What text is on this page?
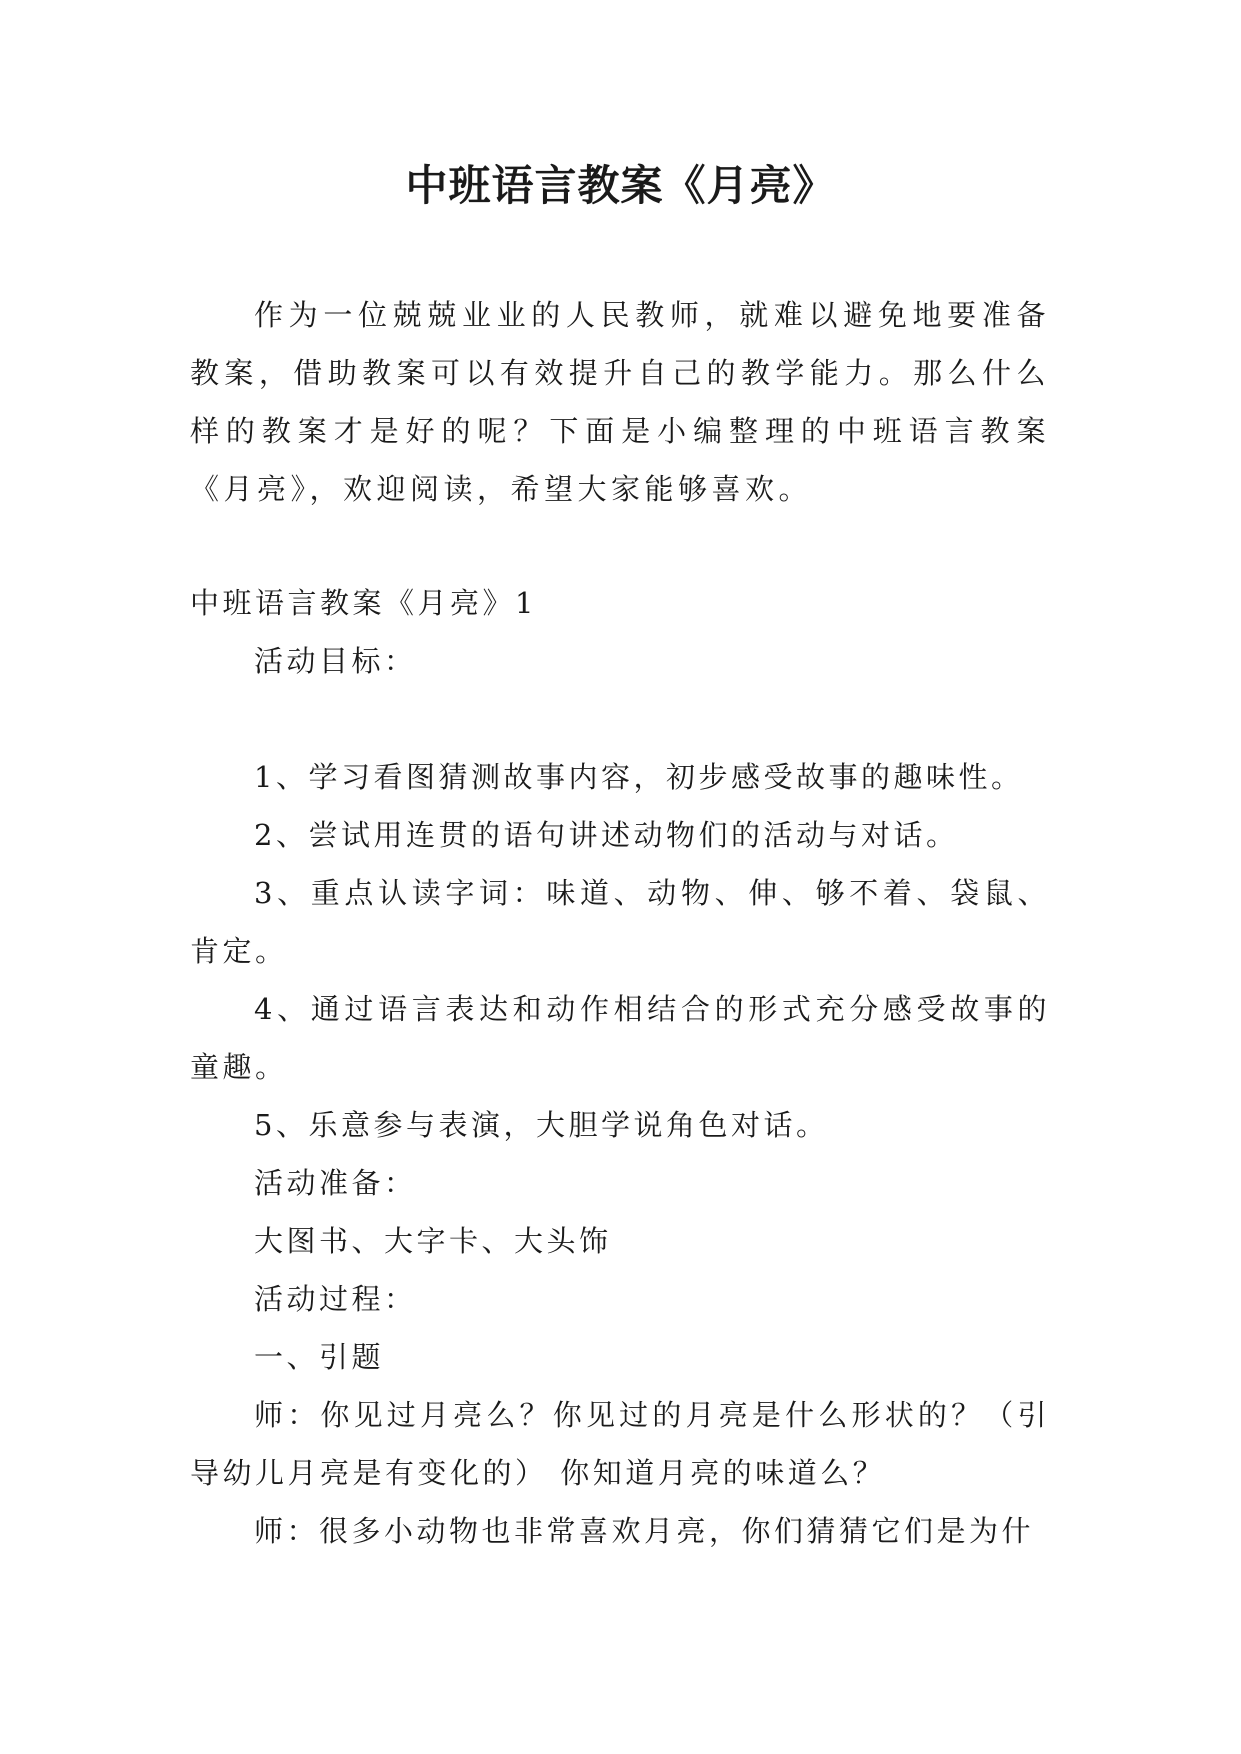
中班语言教案《月亮》

作为一位兢兢业业的人民教师，就难以避免地要准备教案，借助教案可以有效提升自己的教学能力。那么什么样的教案才是好的呢？下面是小编整理的中班语言教案《月亮》，欢迎阅读，希望大家能够喜欢。

中班语言教案《月亮》1

活动目标：

1、学习看图猜测故事内容，初步感受故事的趣味性。

2、尝试用连贯的语句讲述动物们的活动与对话。

3、重点认读字词：味道、动物、伸、够不着、袋鼠、肯定。

4、通过语言表达和动作相结合的形式充分感受故事的童趣。

5、乐意参与表演，大胆学说角色对话。

活动准备：

大图书、大字卡、大头饰

活动过程：

一、引题

师：你见过月亮么？你见过的月亮是什么形状的？（引导幼儿月亮是有变化的） 你知道月亮的味道么？

师：很多小动物也非常喜欢月亮，你们猜猜它们是为什
